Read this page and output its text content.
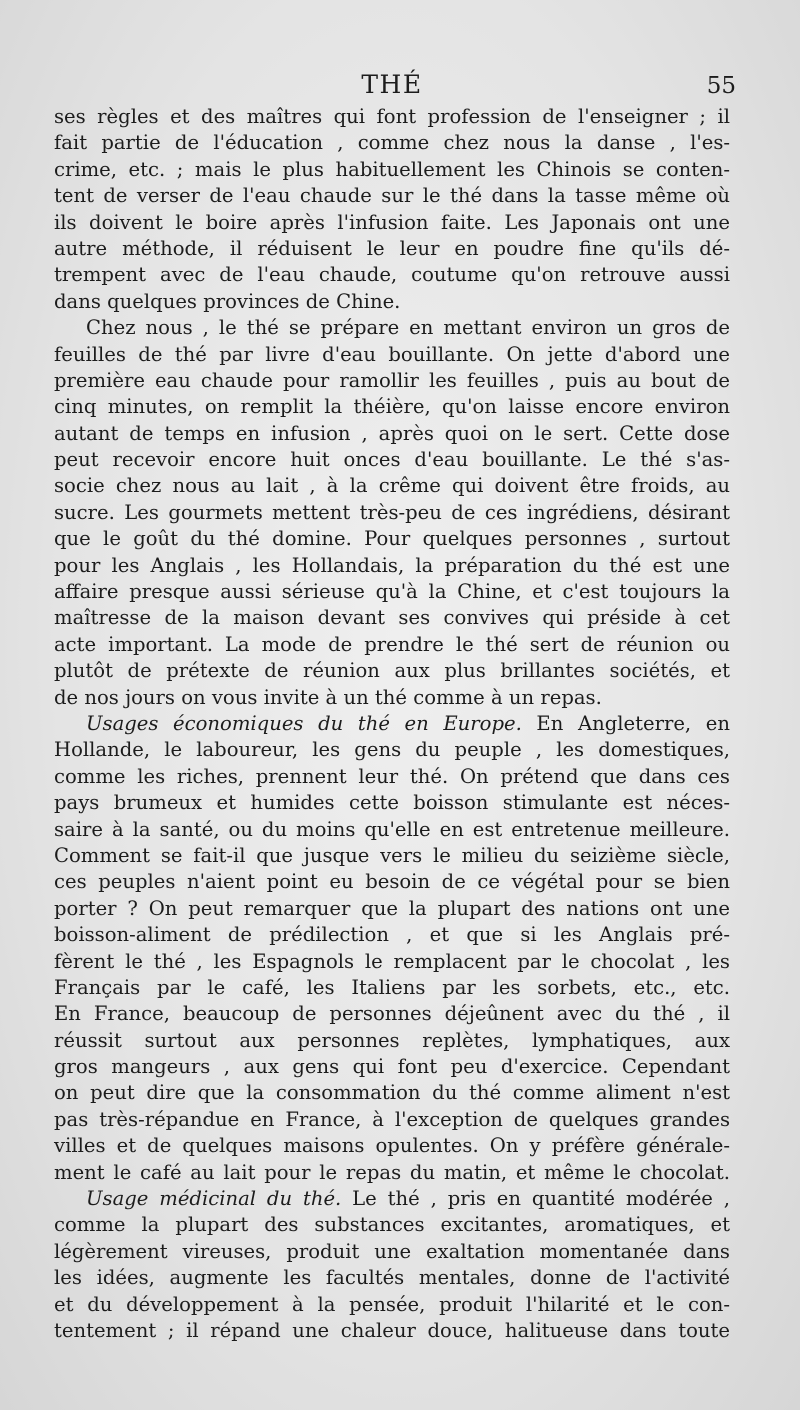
THÉ	55
ses règles et des maîtres qui font profession de l'enseigner ; il
fait partie de l'éducation , comme chez nous la danse , l'es-
crime, etc. ; mais le plus habituellement les Chinois se conten-
tent de verser de l'eau chaude sur le thé dans la tasse même où
ils doivent le boire après l'infusion faite. Les Japonais ont une
autre méthode, il réduisent le leur en poudre fine qu'ils dé-
trempent avec de l'eau chaude, coutume qu'on retrouve aussi
dans quelques provinces de Chine.
Chez nous , le thé se prépare en mettant environ un gros de
feuilles de thé par livre d'eau bouillante. On jette d'abord une
première eau chaude pour ramollir les feuilles , puis au bout de
cinq minutes, on remplit la théière, qu'on laisse encore environ
autant de temps en infusion , après quoi on le sert. Cette dose
peut recevoir encore huit onces d'eau bouillante. Le thé s'as-
socie chez nous au lait , à la crême qui doivent être froids, au
sucre. Les gourmets mettent très-peu de ces ingrédiens, désirant
que le goût du thé domine. Pour quelques personnes , surtout
pour les Anglais , les Hollandais, la préparation du thé est une
affaire presque aussi sérieuse qu'à la Chine, et c'est toujours la
maîtresse de la maison devant ses convives qui préside à cet
acte important. La mode de prendre le thé sert de réunion ou
plutôt de prétexte de réunion aux plus brillantes sociétés, et
de nos jours on vous invite à un thé comme à un repas.
Usages économiques du thé en Europe. En Angleterre, en
Hollande, le laboureur, les gens du peuple , les domestiques,
comme les riches, prennent leur thé. On prétend que dans ces
pays brumeux et humides cette boisson stimulante est néces-
saire à la santé, ou du moins qu'elle en est entretenue meilleure.
Comment se fait-il que jusque vers le milieu du seizième siècle,
ces peuples n'aient point eu besoin de ce végétal pour se bien
porter ? On peut remarquer que la plupart des nations ont une
boisson-aliment de prédilection , et que si les Anglais pré-
fèrent le thé , les Espagnols le remplacent par le chocolat , les
Français par le café, les Italiens par les sorbets, etc., etc.
En France, beaucoup de personnes déjeûnent avec du thé , il
réussit surtout aux personnes replètes, lymphatiques, aux
gros mangeurs , aux gens qui font peu d'exercice. Cependant
on peut dire que la consommation du thé comme aliment n'est
pas très-répandue en France, à l'exception de quelques grandes
villes et de quelques maisons opulentes. On y préfère générale-
ment le café au lait pour le repas du matin, et même le chocolat.
Usage médicinal du thé. Le thé , pris en quantité modérée ,
comme la plupart des substances excitantes, aromatiques, et
légèrement vireuses, produit une exaltation momentanée dans
les idées, augmente les facultés mentales, donne de l'activité
et du développement à la pensée, produit l'hilarité et le con-
tentement ; il répand une chaleur douce, halitueuse dans toute
